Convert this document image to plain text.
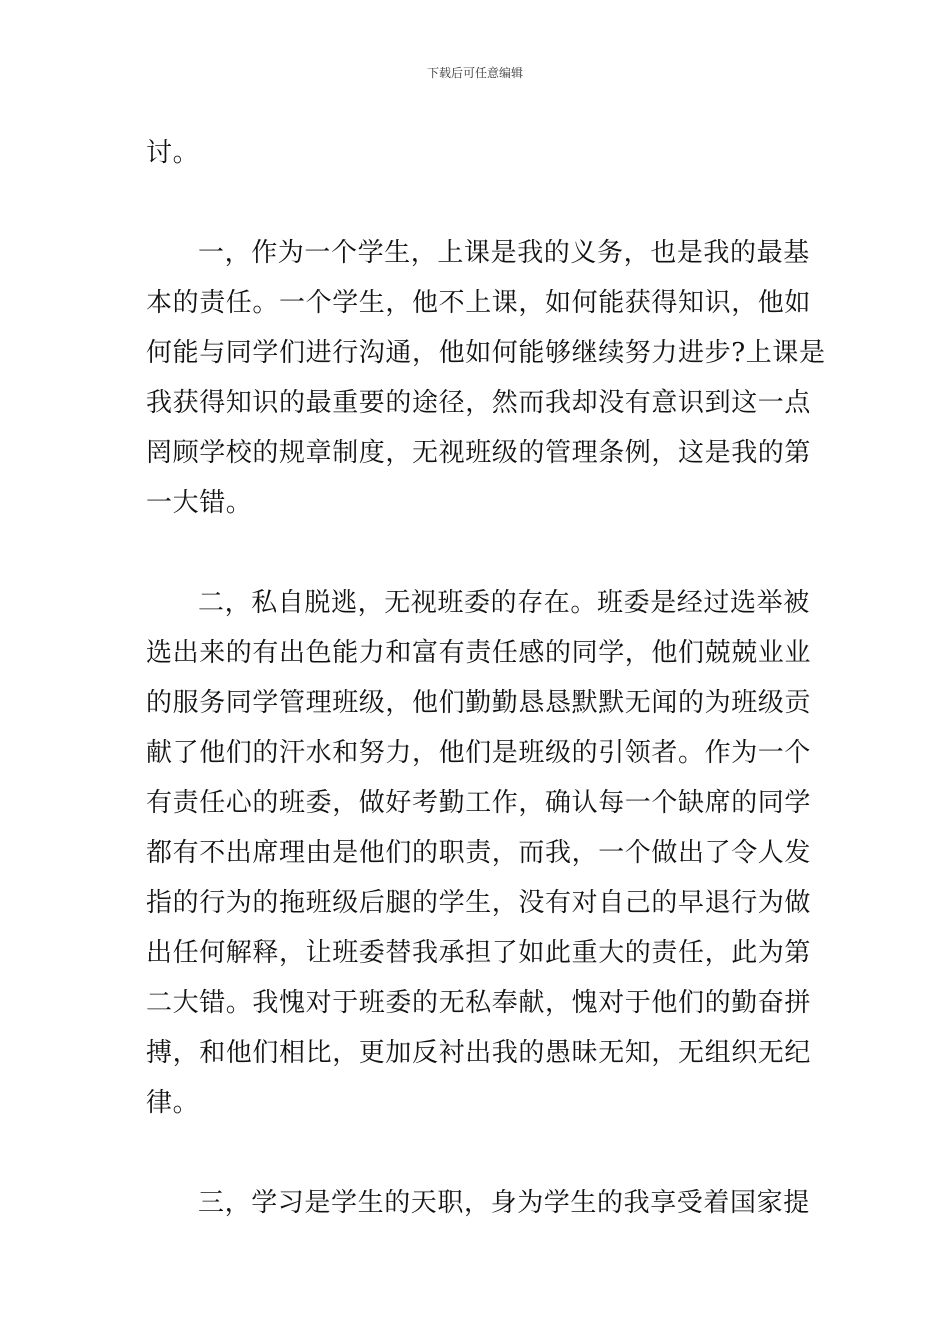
下载后可任意编辑
讨。
一，作为一个学生，上课是我的义务，也是我的最基
本的责任。一个学生，他不上课，如何能获得知识，他如
何能与同学们进行沟通，他如何能够继续努力进步?上课是
我获得知识的最重要的途径，然而我却没有意识到这一点
罔顾学校的规章制度，无视班级的管理条例，这是我的第
一大错。
二，私自脱逃，无视班委的存在。班委是经过选举被
选出来的有出色能力和富有责任感的同学，他们兢兢业业
的服务同学管理班级，他们勤勤恳恳默默无闻的为班级贡
献了他们的汗水和努力，他们是班级的引领者。作为一个
有责任心的班委，做好考勤工作，确认每一个缺席的同学
都有不出席理由是他们的职责，而我，一个做出了令人发
指的行为的拖班级后腿的学生，没有对自己的早退行为做
出任何解释，让班委替我承担了如此重大的责任，此为第
二大错。我愧对于班委的无私奉献，愧对于他们的勤奋拼
搏，和他们相比，更加反衬出我的愚昧无知，无组织无纪
律。
三，学习是学生的天职，身为学生的我享受着国家提
